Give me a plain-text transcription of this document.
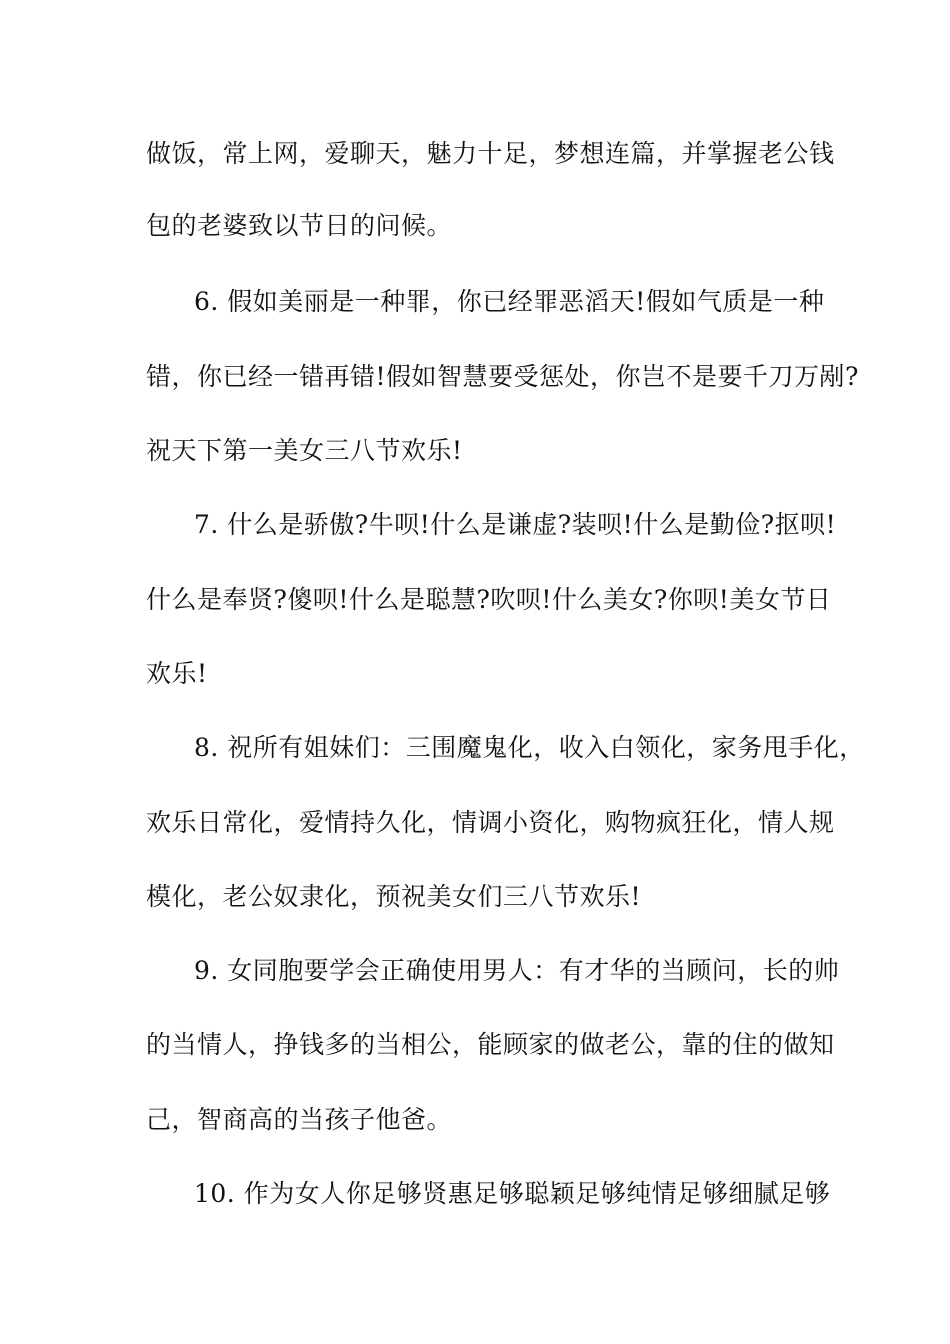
做饭，常上网，爱聊天，魅力十足，梦想连篇，并掌握老公钱
包的老婆致以节日的问候。
6. 假如美丽是一种罪，你已经罪恶滔天!假如气质是一种
错，你已经一错再错!假如智慧要受惩处，你岂不是要千刀万剐?
祝天下第一美女三八节欢乐!
7. 什么是骄傲?牛呗!什么是谦虚?装呗!什么是勤俭?抠呗!
什么是奉贤?傻呗!什么是聪慧?吹呗!什么美女?你呗!美女节日
欢乐!
8. 祝所有姐妹们：三围魔鬼化，收入白领化，家务甩手化，
欢乐日常化，爱情持久化，情调小资化，购物疯狂化，情人规
模化，老公奴隶化，预祝美女们三八节欢乐!
9. 女同胞要学会正确使用男人：有才华的当顾问，长的帅
的当情人，挣钱多的当相公，能顾家的做老公，靠的住的做知
己，智商高的当孩子他爸。
10. 作为女人你足够贤惠足够聪颖足够纯情足够细腻足够
